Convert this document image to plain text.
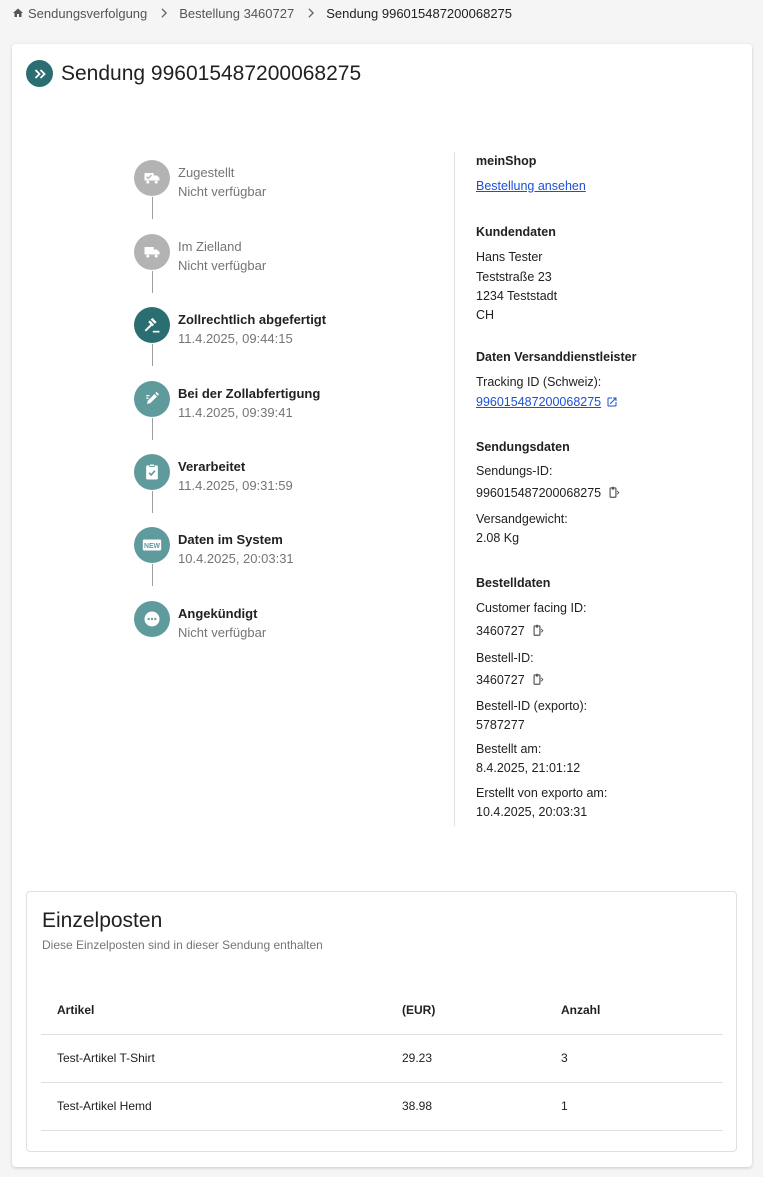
Sendungsverfolgung Bestellung 3460727 Sendung 996015487200068275
Sendung 996015487200068275
Zugestellt
Nicht verfügbar
Im Zielland
Nicht verfügbar
Zollrechtlich abgefertigt
11.4.2025, 09:44:15
Bei der Zollabfertigung
11.4.2025, 09:39:41
Verarbeitet
11.4.2025, 09:31:59
NEW Daten im System
10.4.2025, 20:03:31
Angekündigt
Nicht verfügbar
meinShop
Bestellung ansehen
Kundendaten
Hans Tester
Teststraße 23
1234 Teststadt
CH
Daten Versanddienstleister
Tracking ID (Schweiz):
996015487200068275
Sendungsdaten
Sendungs-ID:
996015487200068275
Versandgewicht:
2.08 Kg
Bestelldaten
Customer facing ID:
3460727
Bestell-ID:
3460727
Bestell-ID (exporto):
5787277
Bestellt am:
8.4.2025, 21:01:12
Erstellt von exporto am:
10.4.2025, 20:03:31
Einzelposten
Diese Einzelposten sind in dieser Sendung enthalten
Artikel	(EUR)	Anzahl
Test-Artikel T-Shirt	29.23	3
Test-Artikel Hemd	38.98	1
